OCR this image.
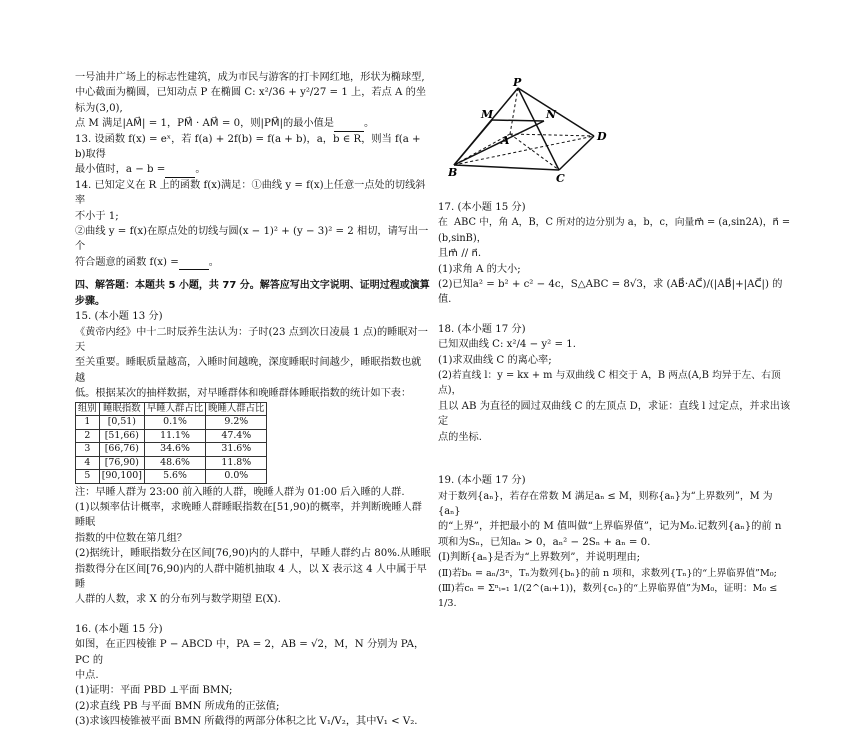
一号油井广场上的标志性建筑，成为市民与游客的打卡网红地，形状为椭球型,

中心截面为椭圆，已知动点 P 在椭圆 C: x²/36 + y²/27 = 1 上，若点 A 的坐标为(3,0),

点 M 满足|AM⃗| = 1，PM⃗ · AM⃗ = 0，则|PM⃗|的最小值是	。

13. 设函数 f(x) = eˣ，若 f(a) + 2f(b) = f(a + b)，a，b ∈ R，则当 f(a + b)取得

最小值时，a − b =	。

14. 已知定义在 R 上的函数 f(x)满足：①曲线 y = f(x)上任意一点处的切线斜率

不小于 1;

②曲线 y = f(x)在原点处的切线与圆(x − 1)² + (y − 3)² = 2 相切，请写出一个

符合题意的函数 f(x) =	。

四、解答题：本题共 5 小题，共 77 分。解答应写出文字说明、证明过程或演算

步骤。

15. (本小题 13 分)

《黄帝内经》中十二时辰养生法认为：子时(23 点到次日凌晨 1 点)的睡眠对一天

至关重要。睡眠质量越高，入睡时间越晚，深度睡眠时间越少，睡眠指数也就越

低。根据某次的抽样数据，对早睡群体和晚睡群体睡眠指数的统计如下表：

组别	睡眠指数	早睡人群占比	晚睡人群占比
1	[0,51)	0.1%	9.2%
2	[51,66)	11.1%	47.4%
3	[66,76)	34.6%	31.6%
4	[76,90)	48.6%	11.8%
5	[90,100]	5.6%	0.0%

注：早睡人群为 23:00 前入睡的人群，晚睡人群为 01:00 后入睡的人群.

(1)以频率估计概率，求晚睡人群睡眠指数在[51,90)的概率，并判断晚睡人群睡眠

指数的中位数在第几组？

(2)据统计，睡眠指数分在区间[76,90)内的人群中，早睡人群约占 80%.从睡眠

指数得分在区间[76,90)内的人群中随机抽取 4 人，以 X 表示这 4 人中属于早睡

人群的人数，求 X 的分布列与数学期望 E(X).

16. (本小题 15 分)

如图，在正四棱锥 P − ABCD 中，PA = 2，AB = √2，M，N 分别为 PA，PC 的

中点.

(1)证明：平面 PBD ⊥平面 BMN;

(2)求直线 PB 与平面 BMN 所成角的正弦值;

(3)求该四棱锥被平面 BMN 所截得的两部分体积之比 V₁/V₂，其中V₁ < V₂.

P
M	N
A	D
B	C

17. (本小题 15 分)

在  ABC 中，角 A，B，C 所对的边分别为 a，b，c，向量m⃗ = (a,sin2A)，n⃗ = (b,sinB)，

且m⃗ // n⃗.

(1)求角 A 的大小;

(2)已知a² = b² + c² − 4c，S△ABC = 8√3，求 (AB⃗·AC⃗)/(|AB⃗|+|AC⃗|) 的值.

18. (本小题 17 分)

已知双曲线 C: x²/4 − y² = 1.

(1)求双曲线 C 的离心率;

(2)若直线 l：y = kx + m 与双曲线 C 相交于 A，B 两点(A,B 均异于左、右顶点)，

且以 AB 为直径的圆过双曲线 C 的左顶点 D，求证：直线 l 过定点，并求出该定

点的坐标.

19. (本小题 17 分)

对于数列{aₙ}，若存在常数 M 满足aₙ ≤ M，则称{aₙ}为“上界数列”，M 为{aₙ}

的“上界”，并把最小的 M 值叫做“上界临界值”，记为M₀.记数列{aₙ}的前 n

项和为Sₙ，已知aₙ > 0，aₙ² − 2Sₙ + aₙ = 0.

(Ⅰ)判断{aₙ}是否为“上界数列”，并说明理由;

(Ⅱ)若bₙ = aₙ/3ⁿ，Tₙ为数列{bₙ}的前 n 项和，求数列{Tₙ}的“上界临界值”M₀;

(Ⅲ)若cₙ = Σⁿᵢ₌₁ 1/(2^(aᵢ+1))，数列{cₙ}的“上界临界值”为M₀，证明：M₀ ≤ 1/3.
